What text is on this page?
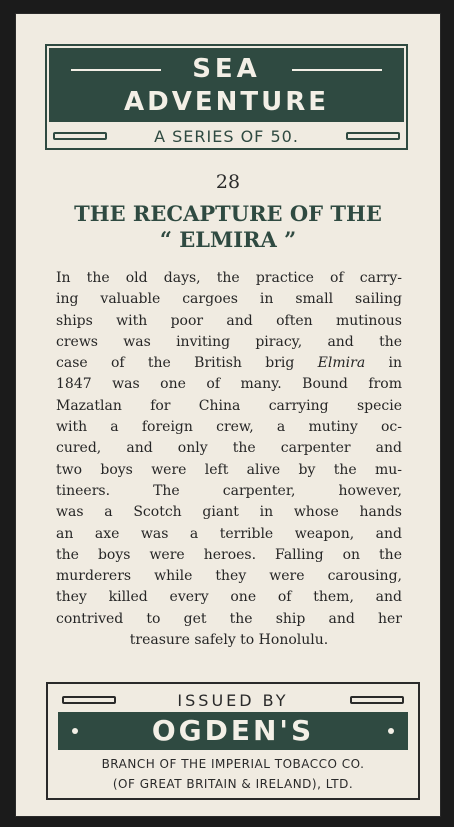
SEA
ADVENTURE
A SERIES OF 50.
28
THE RECAPTURE OF THE
“ ELMIRA ”
In the old days, the practice of carry-
ing valuable cargoes in small sailing
ships with poor and often mutinous
crews was inviting piracy, and the
case of the British brig Elmira in
1847 was one of many. Bound from
Mazatlan for China carrying specie
with a foreign crew, a mutiny oc-
cured, and only the carpenter and
two boys were left alive by the mu-
tineers. The carpenter, however,
was a Scotch giant in whose hands
an axe was a terrible weapon, and
the boys were heroes. Falling on the
murderers while they were carousing,
they killed every one of them, and
contrived to get the ship and her
treasure safely to Honolulu.
ISSUED BY
OGDEN'S
BRANCH OF THE IMPERIAL TOBACCO CO.
(OF GREAT BRITAIN & IRELAND), LTD.
